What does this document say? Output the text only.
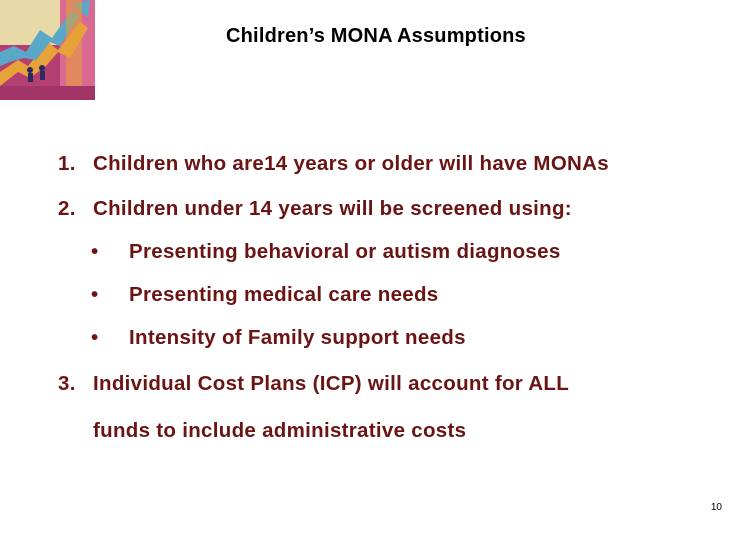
Children’s MONA Assumptions
1. Children who are14 years or older will have MONAs
2. Children under 14 years will be screened using:
• Presenting behavioral or autism diagnoses
• Presenting medical care needs
• Intensity of Family support needs
3. Individual Cost Plans (ICP) will account for ALL
funds to include administrative costs
10
